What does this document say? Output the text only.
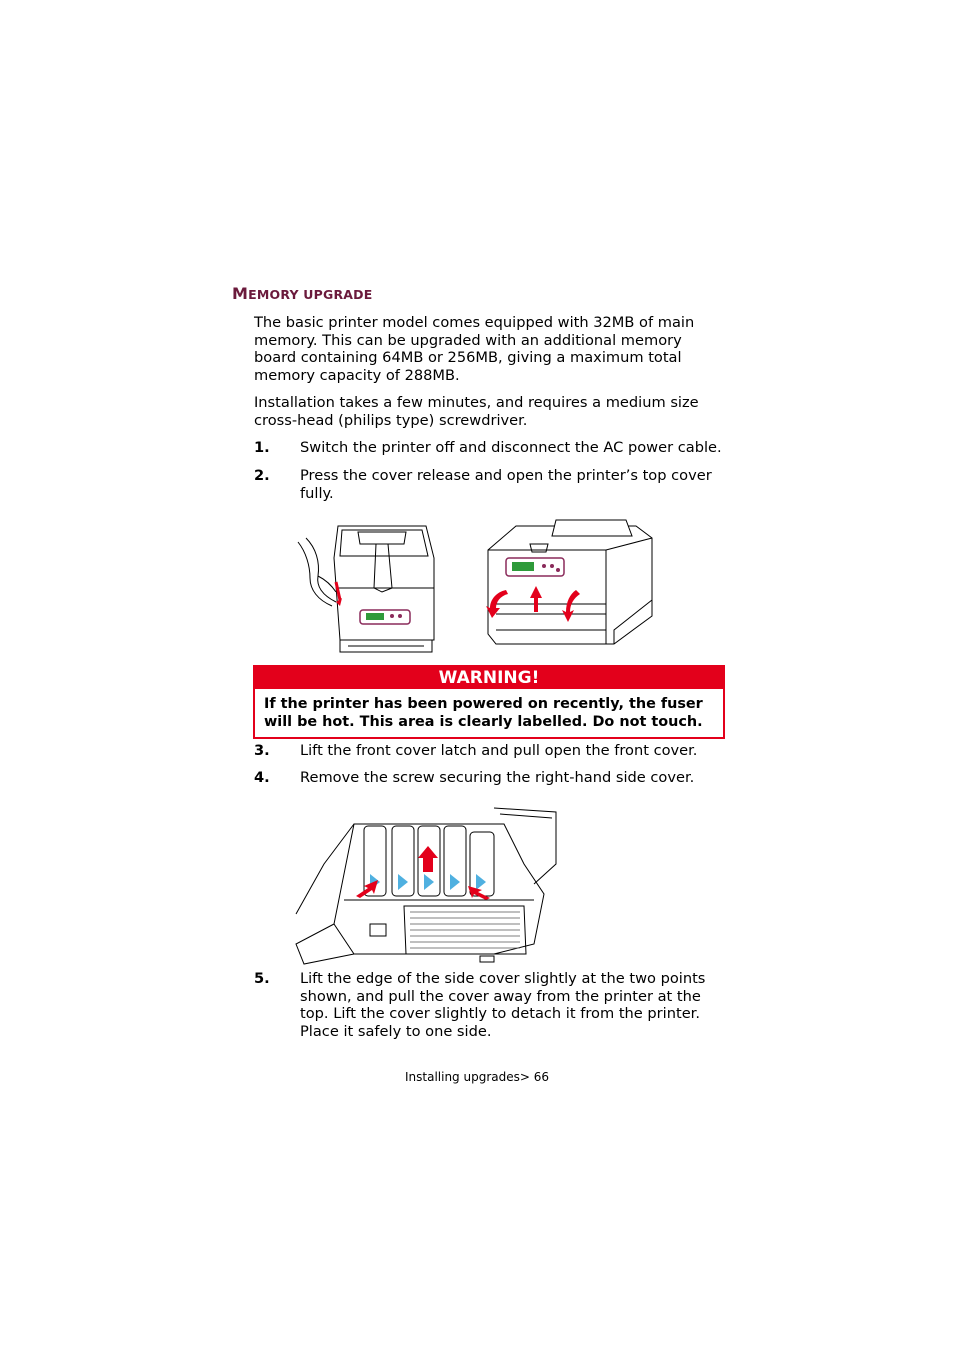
MEMORY UPGRADE
The basic printer model comes equipped with 32MB of main memory. This can be upgraded with an additional memory board containing 64MB or 256MB, giving a maximum total memory capacity of 288MB.
Installation takes a few minutes, and requires a medium size cross-head (philips type) screwdriver.
1.	Switch the printer off and disconnect the AC power cable.
2.	Press the cover release and open the printer’s top cover fully.
WARNING!
If the printer has been powered on recently, the fuser will be hot. This area is clearly labelled. Do not touch.
3.	Lift the front cover latch and pull open the front cover.
4.	Remove the screw securing the right-hand side cover.
5.	Lift the edge of the side cover slightly at the two points shown, and pull the cover away from the printer at the top. Lift the cover slightly to detach it from the printer. Place it safely to one side.
Installing upgrades> 66
